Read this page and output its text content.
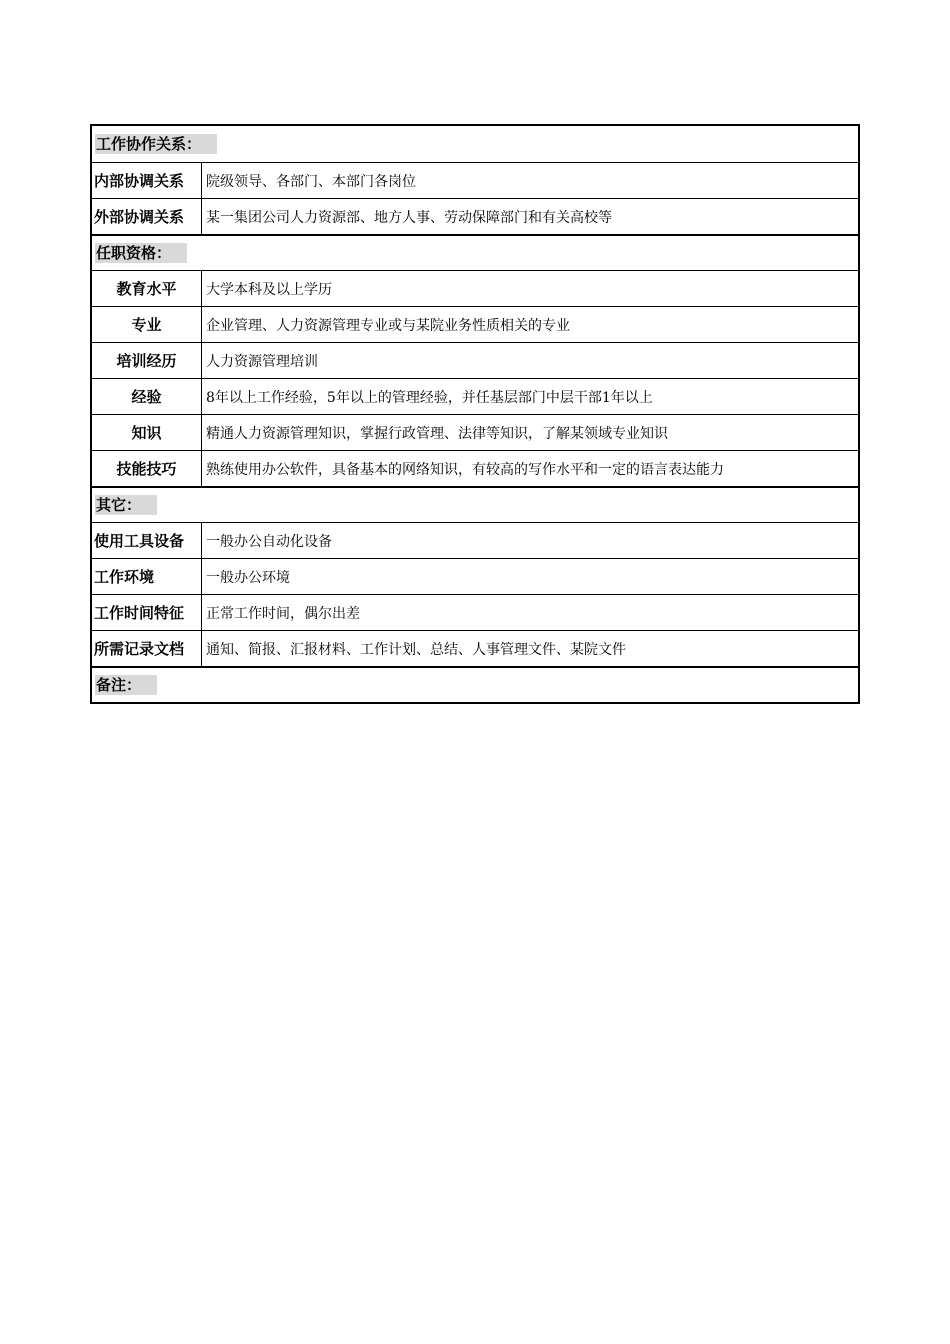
工作协作关系：
内部协调关系	院级领导、各部门、本部门各岗位
外部协调关系	某一集团公司人力资源部、地方人事、劳动保障部门和有关高校等
任职资格：
教育水平	大学本科及以上学历
专业	企业管理、人力资源管理专业或与某院业务性质相关的专业
培训经历	人力资源管理培训
经验	8年以上工作经验，5年以上的管理经验，并任基层部门中层干部1年以上
知识	精通人力资源管理知识，掌握行政管理、法律等知识，了解某领域专业知识
技能技巧	熟练使用办公软件，具备基本的网络知识，有较高的写作水平和一定的语言表达能力
其它：
使用工具设备	一般办公自动化设备
工作环境	一般办公环境
工作时间特征	正常工作时间，偶尔出差
所需记录文档	通知、简报、汇报材料、工作计划、总结、人事管理文件、某院文件
备注：
